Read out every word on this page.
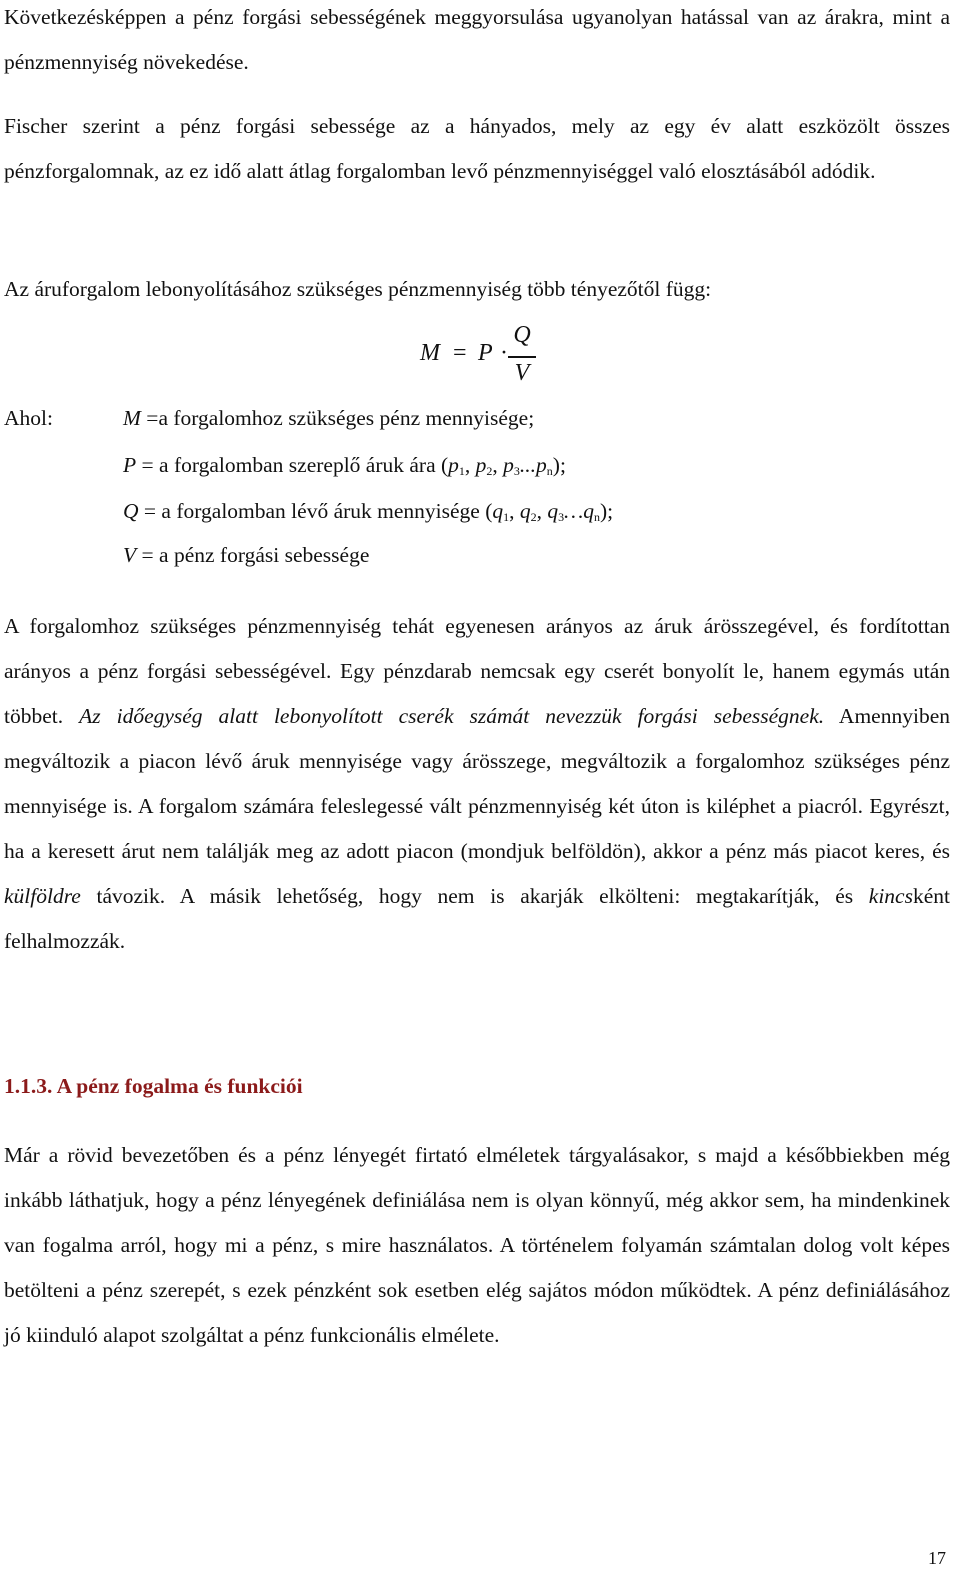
Következésképpen a pénz forgási sebességének meggyorsulása ugyanolyan hatással van az árakra, mint a pénzmennyiség növekedése.

Fischer szerint a pénz forgási sebessége az a hányados, mely az egy év alatt eszközölt összes pénzforgalomnak, az ez idő alatt átlag forgalomban levő pénzmennyiséggel való elosztásából adódik.

Az áruforgalom lebonyolításához szükséges pénzmennyiség több tényezőtől függ:

M = P ·
Q
V
Ahol:	M =a forgalomhoz szükséges pénz mennyisége;
P = a forgalomban szereplő áruk ára ($p_1$, $p_2$, $p_3...p_n$);
Q = a forgalomban lévő áruk mennyisége ($q_1$, $q_2$, $q_3\dots q_n$);
V = a pénz forgási sebessége

A forgalomhoz szükséges pénzmennyiség tehát egyenesen arányos az áruk árösszegével, és fordítottan arányos a pénz forgási sebességével. Egy pénzdarab nemcsak egy cserét bonyolít le, hanem egymás után többet. Az időegység alatt lebonyolított cserék számát nevezzük forgási sebességnek. Amennyiben megváltozik a piacon lévő áruk mennyisége vagy árösszege, megváltozik a forgalomhoz szükséges pénz mennyisége is. A forgalom számára feleslegessé vált pénzmennyiség két úton is kiléphet a piacról. Egyrészt, ha a keresett árut nem találják meg az adott piacon (mondjuk belföldön), akkor a pénz más piacot keres, és külföldre távozik. A másik lehetőség, hogy nem is akarják elkölteni: megtakarítják, és kincsként felhalmozzák.

1.1.3. A pénz fogalma és funkciói

Már a rövid bevezetőben és a pénz lényegét firtató elméletek tárgyalásakor, s majd a későbbiekben még inkább láthatjuk, hogy a pénz lényegének definiálása nem is olyan könnyű, még akkor sem, ha mindenkinek van fogalma arról, hogy mi a pénz, s mire használatos. A történelem folyamán számtalan dolog volt képes betölteni a pénz szerepét, s ezek pénzként sok esetben elég sajátos módon működtek. A pénz definiálásához jó kiinduló alapot szolgáltat a pénz funkcionális elmélete.

17
